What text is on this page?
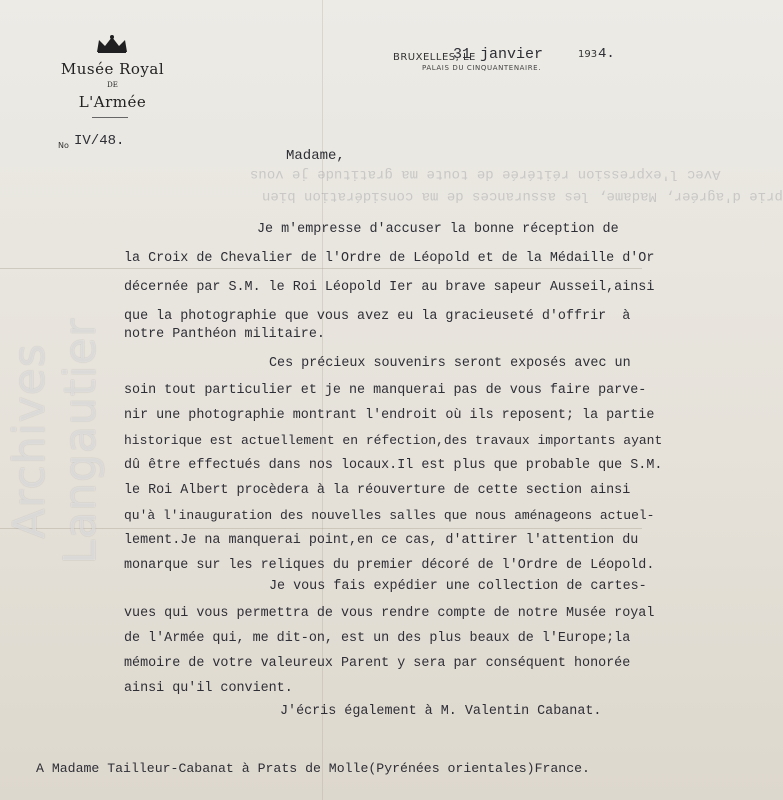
Musée Royal
DE
L'Armée
BRUXELLES, LE
31 janvier	193 4.
PALAIS DU CINQUANTENAIRE.
No IV/48.
Madame,
Avec l'expression réitérée de toute ma gratitude je vous
prie d'agréer, Madame, les assurances de ma considération bien
Je m'empresse d'accuser la bonne réception de
la Croix de Chevalier de l'Ordre de Léopold et de la Médaille d'Or
décernée par S.M. le Roi Léopold Ier au brave sapeur Ausseil,ainsi
que la photographie que vous avez eu la gracieuseté d'offrir  à
notre Panthéon militaire.
Ces précieux souvenirs seront exposés avec un
soin tout particulier et je ne manquerai pas de vous faire parve-
nir une photographie montrant l'endroit où ils reposent; la partie
historique est actuellement en réfection,des travaux importants ayant
dû être effectués dans nos locaux.Il est plus que probable que S.M.
le Roi Albert procèdera à la réouverture de cette section ainsi
qu'à l'inauguration des nouvelles salles que nous aménageons actuel-
lement.Je na manquerai point,en ce cas, d'attirer l'attention du
monarque sur les reliques du premier décoré de l'Ordre de Léopold.
Je vous fais expédier une collection de cartes-
vues qui vous permettra de vous rendre compte de notre Musée royal
de l'Armée qui, me dit-on, est un des plus beaux de l'Europe;la
mémoire de votre valeureux Parent y sera par conséquent honorée
ainsi qu'il convient.
J'écris également à M. Valentin Cabanat.
A Madame Tailleur-Cabanat à Prats de Molle(Pyrénées orientales)France.
Archives Langautier
